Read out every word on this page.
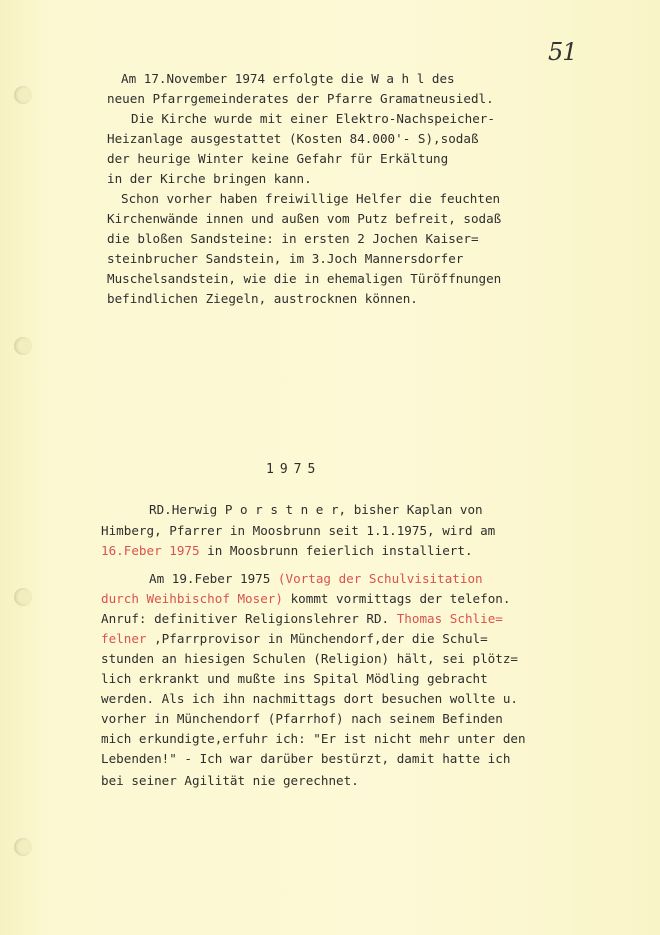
51
Am 17.November 1974 erfolgte die W a h l des
neuen Pfarrgemeinderates der Pfarre Gramatneusiedl.
Die Kirche wurde mit einer Elektro-Nachspeicher-
Heizanlage ausgestattet (Kosten 84.000'- S),sodaß
der heurige Winter keine Gefahr für Erkältung
in der Kirche bringen kann.
Schon vorher haben freiwillige Helfer die feuchten
Kirchenwände innen und außen vom Putz befreit, sodaß
die bloßen Sandsteine: in ersten 2 Jochen Kaiser=
steinbrucher Sandstein, im 3.Joch Mannersdorfer
Muschelsandstein, wie die in ehemaligen Türöffnungen
befindlichen Ziegeln, austrocknen können.
1975
RD.Herwig P o r s t n e r, bisher Kaplan von
Himberg, Pfarrer in Moosbrunn seit 1.1.1975, wird am
16.Feber 1975 in Moosbrunn feierlich installiert.
Am 19.Feber 1975 (Vortag der Schulvisitation
durch Weihbischof Moser) kommt vormittags der telefon.
Anruf: definitiver Religionslehrer RD. Thomas Schlie=
felner ,Pfarrprovisor in Münchendorf,der die Schul=
stunden an hiesigen Schulen (Religion) hält, sei plötz=
lich erkrankt und mußte ins Spital Mödling gebracht
werden. Als ich ihn nachmittags dort besuchen wollte u.
vorher in Münchendorf (Pfarrhof) nach seinem Befinden
mich erkundigte,erfuhr ich: "Er ist nicht mehr unter den
Lebenden!" - Ich war darüber bestürzt, damit hatte ich
bei seiner Agilität nie gerechnet.
